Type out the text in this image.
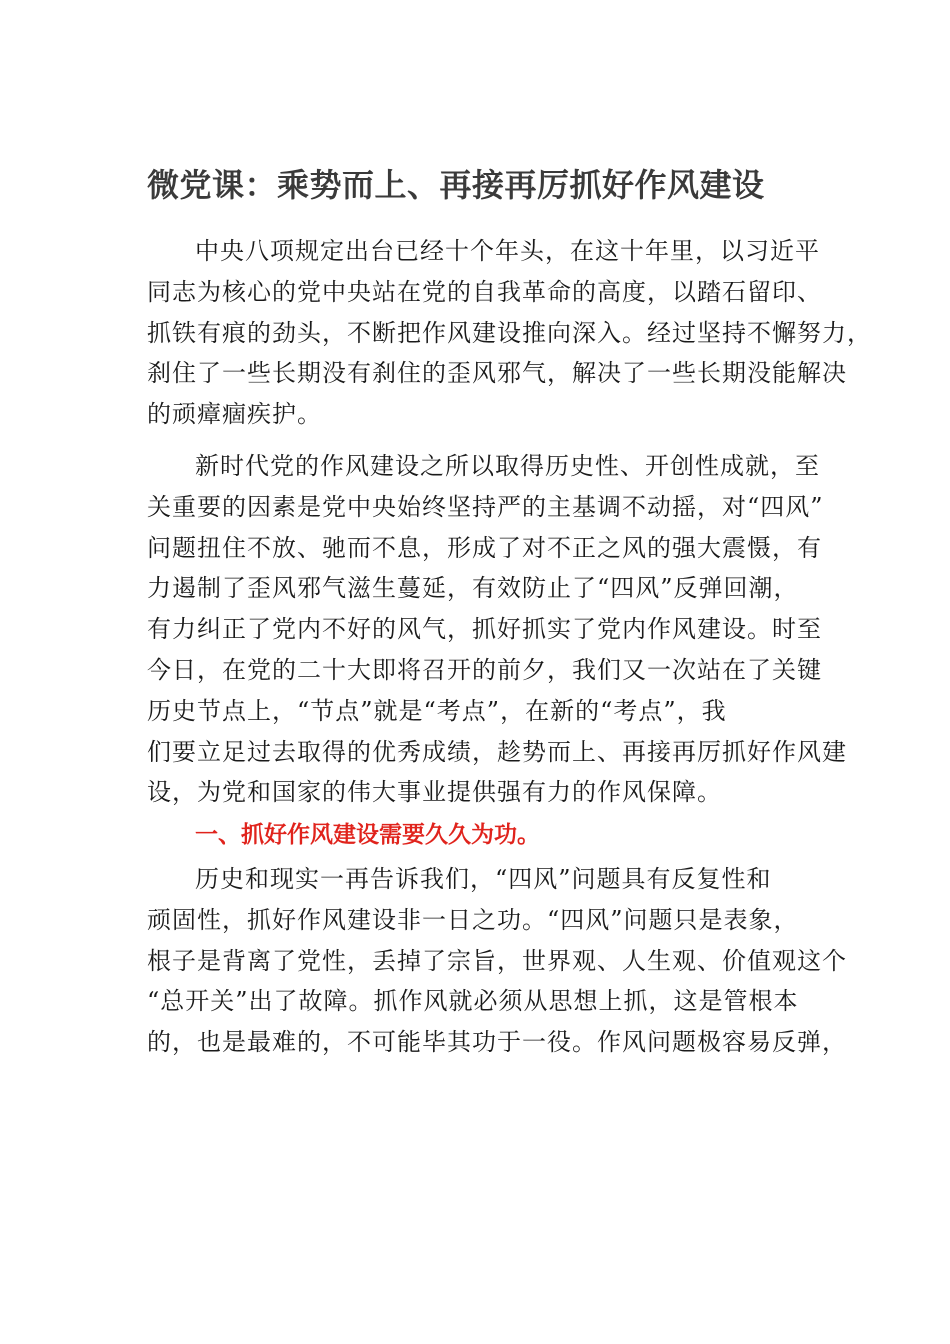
微党课：乘势而上、再接再厉抓好作风建设
中央八项规定出台已经十个年头，在这十年里，以习近平
同志为核心的党中央站在党的自我革命的高度，以踏石留印、
抓铁有痕的劲头，不断把作风建设推向深入。经过坚持不懈努力，
刹住了一些长期没有刹住的歪风邪气，解决了一些长期没能解决
的顽瘴痼疾护。
新时代党的作风建设之所以取得历史性、开创性成就，至
关重要的因素是党中央始终坚持严的主基调不动摇，对“四风”
问题扭住不放、驰而不息，形成了对不正之风的强大震慑，有
力遏制了歪风邪气滋生蔓延，有效防止了“四风”反弹回潮，
有力纠正了党内不好的风气，抓好抓实了党内作风建设。时至
今日，在党的二十大即将召开的前夕，我们又一次站在了关键
历史节点上，“节点”就是“考点”，在新的“考点”，我
们要立足过去取得的优秀成绩，趁势而上、再接再厉抓好作风建
设，为党和国家的伟大事业提供强有力的作风保障。
一、抓好作风建设需要久久为功。
历史和现实一再告诉我们，“四风”问题具有反复性和
顽固性，抓好作风建设非一日之功。“四风”问题只是表象，
根子是背离了党性，丢掉了宗旨，世界观、人生观、价值观这个
“总开关”出了故障。抓作风就必须从思想上抓，这是管根本
的，也是最难的，不可能毕其功于一役。作风问题极容易反弹，
